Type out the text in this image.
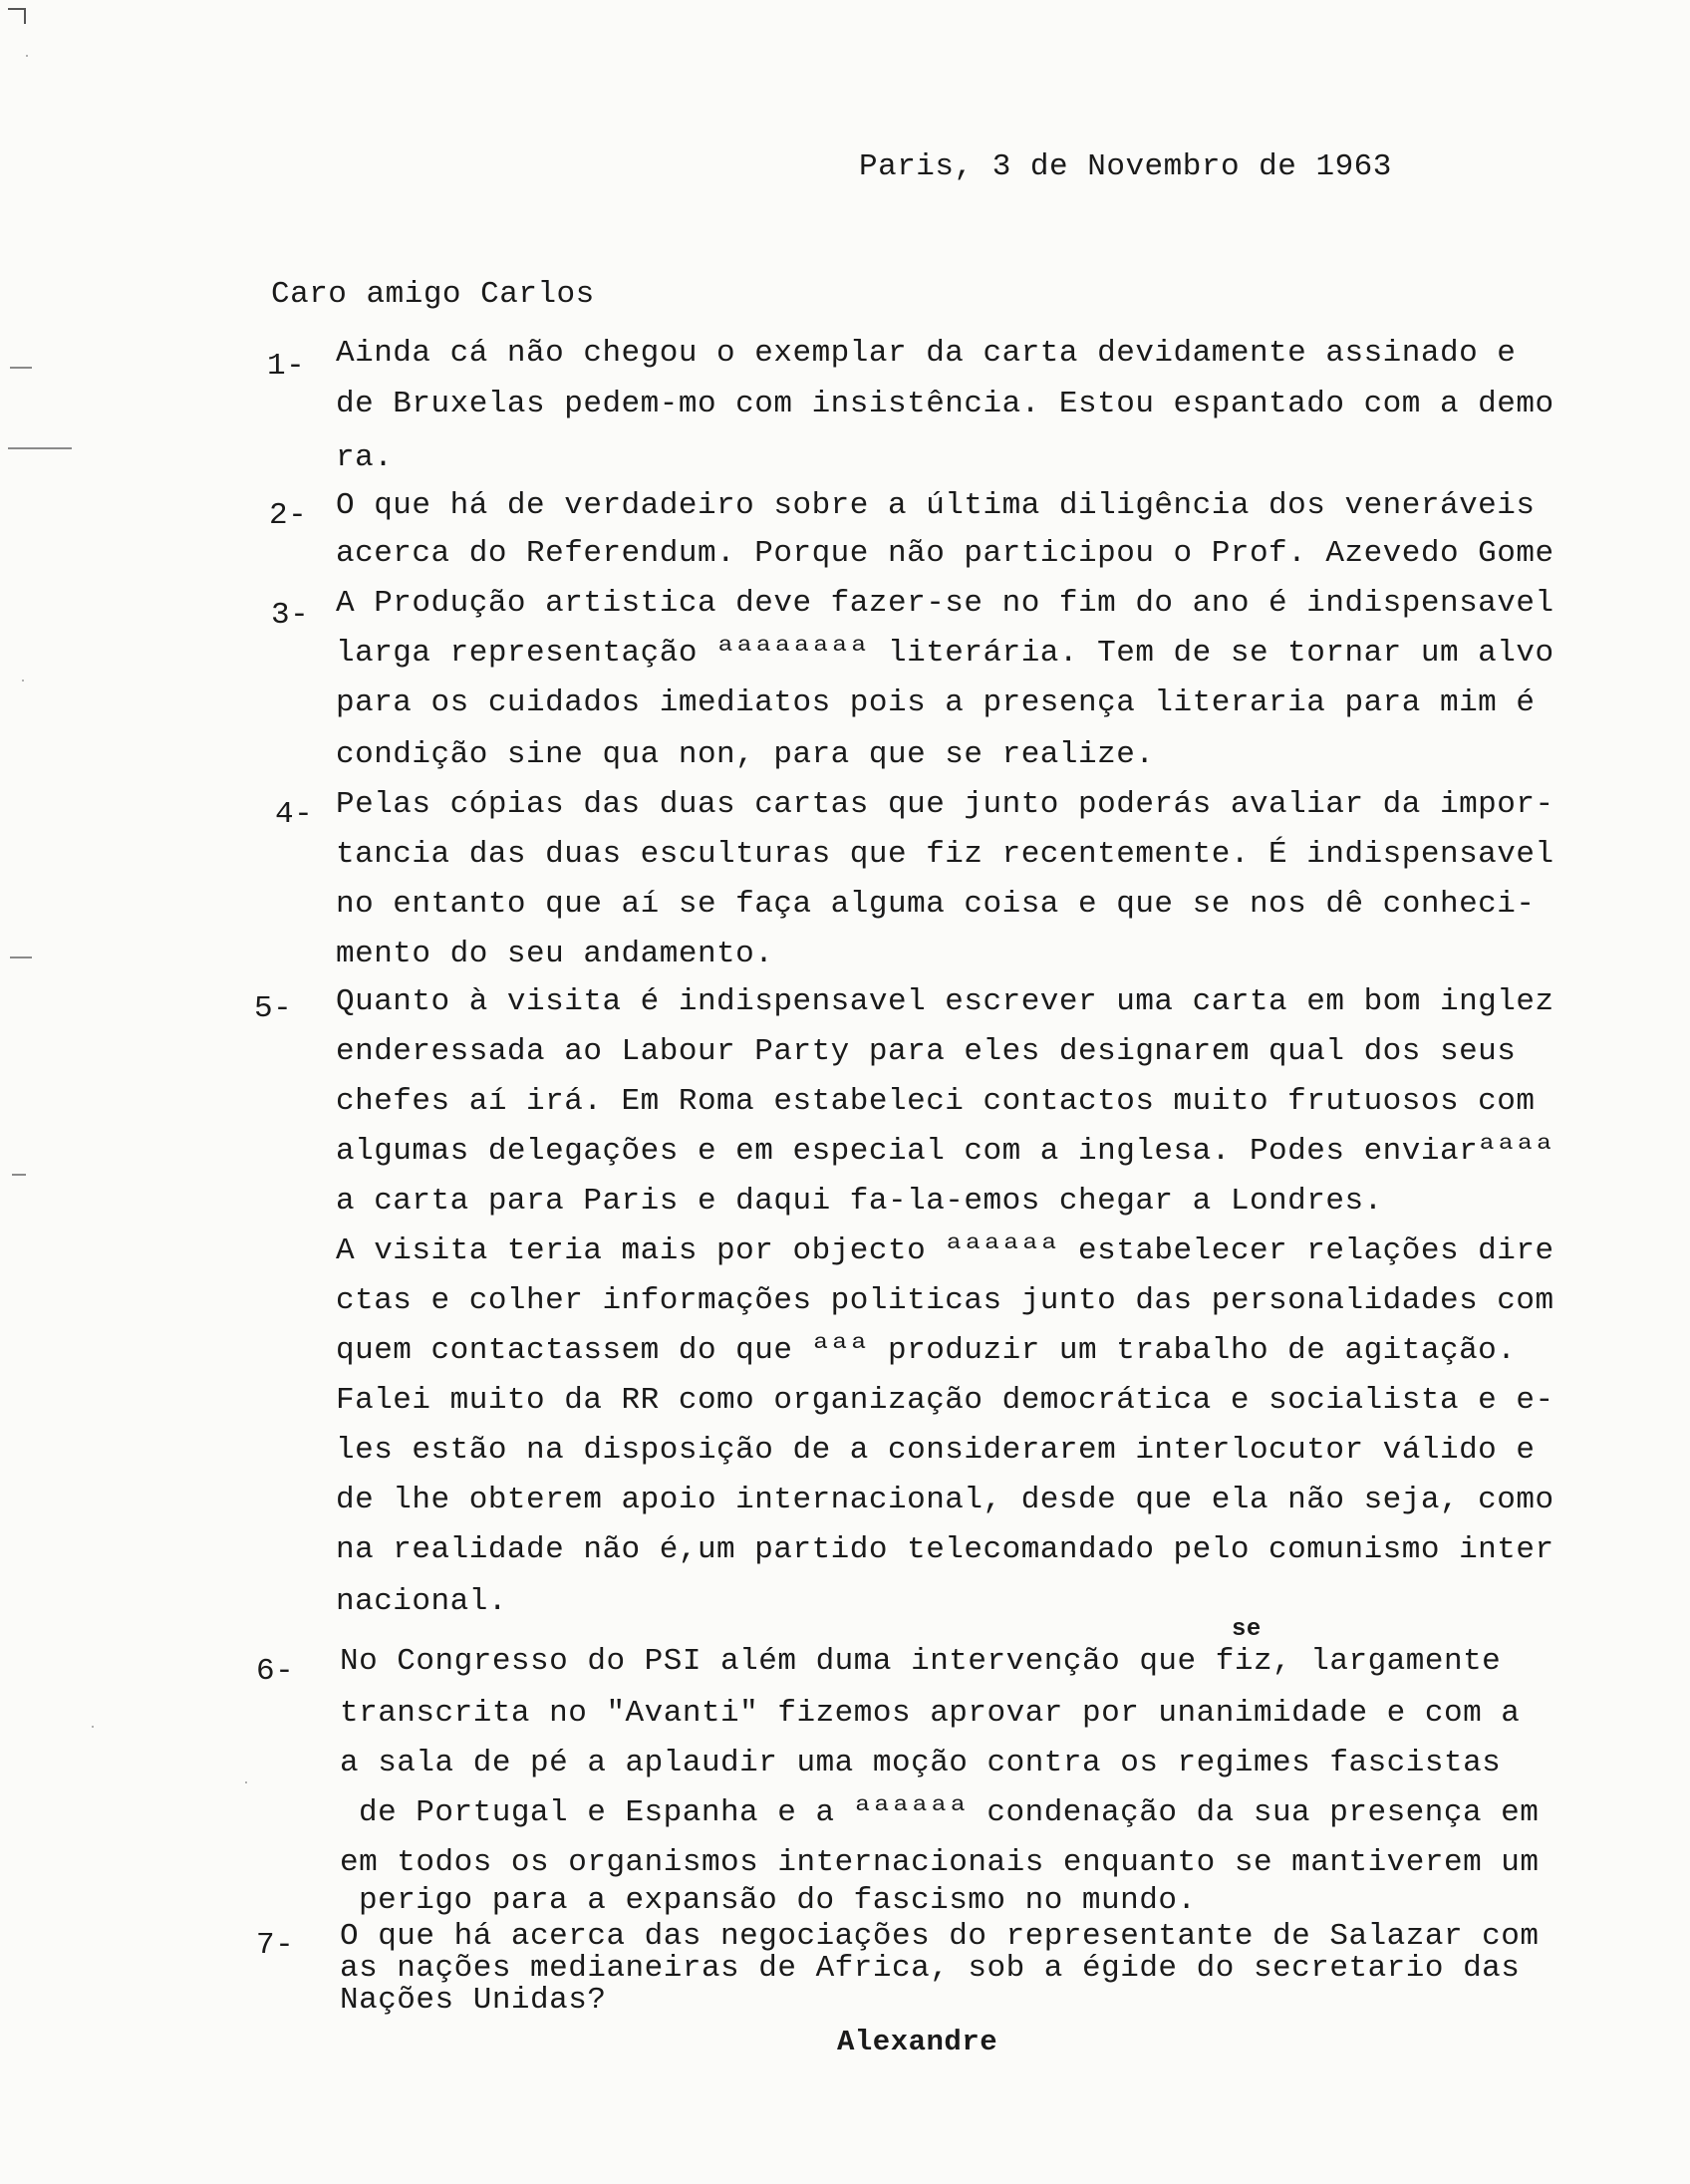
Paris, 3 de Novembro de 1963
Caro amigo Carlos
1- Ainda cá não chegou o exemplar da carta devidamente assinado e
de Bruxelas pedem-mo com insistência. Estou espantado com a demo
ra.
2- O que há de verdadeiro sobre a última diligência dos veneráveis
acerca do Referendum. Porque não participou o Prof. Azevedo Gome
3- A Produção artistica deve fazer-se no fim do ano é indispensavel
larga representação ªªªªªªªª literária. Tem de se tornar um alvo
para os cuidados imediatos pois a presença literaria para mim é
condição sine qua non, para que se realize.
4- Pelas cópias das duas cartas que junto poderás avaliar da impor-
tancia das duas esculturas que fiz recentemente. É indispensavel
no entanto que aí se faça alguma coisa e que se nos dê conheci-
mento do seu andamento.
5- Quanto à visita é indispensavel escrever uma carta em bom inglez
enderessada ao Labour Party para eles designarem qual dos seus
chefes aí irá. Em Roma estabeleci contactos muito frutuosos com
algumas delegações e em especial com a inglesa. Podes enviarªªªª
a carta para Paris e daqui fa-la-emos chegar a Londres.
A visita teria mais por objecto ªªªªªª estabelecer relações dire
ctas e colher informações politicas junto das personalidades com
quem contactassem do que ªªª produzir um trabalho de agitação.
Falei muito da RR como organização democrática e socialista e e-
les estão na disposição de a considerarem interlocutor válido e
de lhe obterem apoio internacional, desde que ela não seja, como
na realidade não é,um partido telecomandado pelo comunismo inter
nacional.
se
6- No Congresso do PSI além duma intervenção que fiz, largamente
transcrita no "Avanti" fizemos aprovar por unanimidade e com a
a sala de pé a aplaudir uma moção contra os regimes fascistas
de Portugal e Espanha e a ªªªªªª condenação da sua presença em
em todos os organismos internacionais enquanto se mantiverem um
perigo para a expansão do fascismo no mundo.
7- O que há acerca das negociações do representante de Salazar com
as nações medianeiras de Africa, sob a égide do secretario das
Nações Unidas?
Alexandre
